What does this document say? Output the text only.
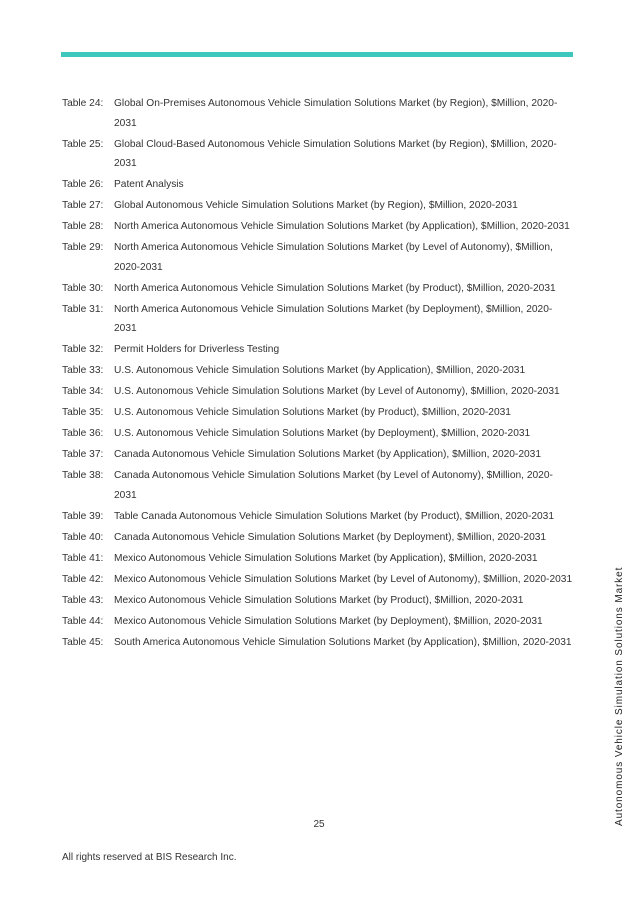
Table 24:	Global On-Premises Autonomous Vehicle Simulation Solutions Market (by Region), $Million, 2020-2031
Table 25:	Global Cloud-Based Autonomous Vehicle Simulation Solutions Market (by Region), $Million, 2020-2031
Table 26:	Patent Analysis
Table 27:	Global Autonomous Vehicle Simulation Solutions Market (by Region), $Million, 2020-2031
Table 28:	North America Autonomous Vehicle Simulation Solutions Market (by Application), $Million, 2020-2031
Table 29:	North America Autonomous Vehicle Simulation Solutions Market (by Level of Autonomy), $Million, 2020-2031
Table 30:	North America Autonomous Vehicle Simulation Solutions Market (by Product), $Million, 2020-2031
Table 31:	North America Autonomous Vehicle Simulation Solutions Market (by Deployment), $Million, 2020-2031
Table 32:	Permit Holders for Driverless Testing
Table 33:	U.S. Autonomous Vehicle Simulation Solutions Market (by Application), $Million, 2020-2031
Table 34:	U.S. Autonomous Vehicle Simulation Solutions Market (by Level of Autonomy), $Million, 2020-2031
Table 35:	U.S. Autonomous Vehicle Simulation Solutions Market (by Product), $Million, 2020-2031
Table 36:	U.S. Autonomous Vehicle Simulation Solutions Market (by Deployment), $Million, 2020-2031
Table 37:	Canada Autonomous Vehicle Simulation Solutions Market (by Application), $Million, 2020-2031
Table 38:	Canada Autonomous Vehicle Simulation Solutions Market (by Level of Autonomy), $Million, 2020-2031
Table 39:	Table Canada Autonomous Vehicle Simulation Solutions Market (by Product), $Million, 2020-2031
Table 40:	Canada Autonomous Vehicle Simulation Solutions Market (by Deployment), $Million, 2020-2031
Table 41:	Mexico Autonomous Vehicle Simulation Solutions Market (by Application), $Million, 2020-2031
Table 42:	Mexico Autonomous Vehicle Simulation Solutions Market (by Level of Autonomy), $Million, 2020-2031
Table 43:	Mexico Autonomous Vehicle Simulation Solutions Market (by Product), $Million, 2020-2031
Table 44:	Mexico Autonomous Vehicle Simulation Solutions Market (by Deployment), $Million, 2020-2031
Table 45:	South America Autonomous Vehicle Simulation Solutions Market (by Application), $Million, 2020-2031	Autonomous Vehicle Simulation Solutions Market
25
All rights reserved at BIS Research Inc.
